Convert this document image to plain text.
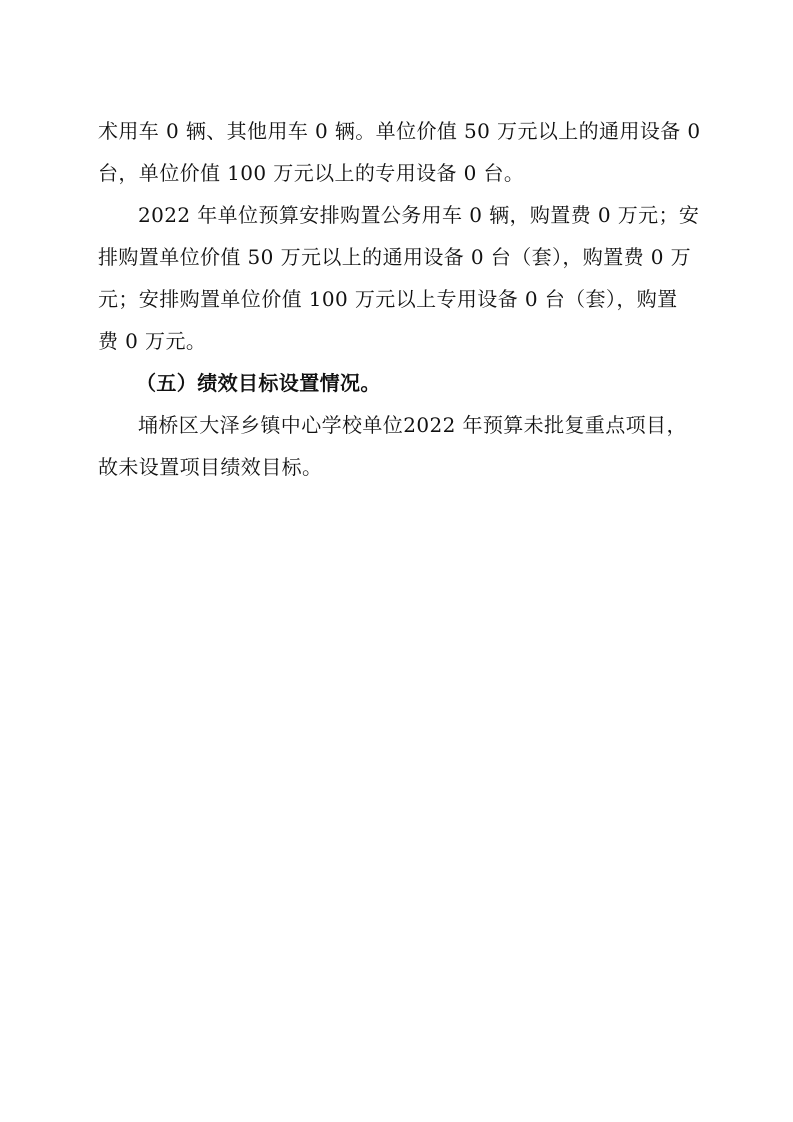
术用车 0 辆、其他用车 0 辆。单位价值 50 万元以上的通用设备 0
台，单位价值 100 万元以上的专用设备 0 台。
2022 年单位预算安排购置公务用车 0 辆，购置费 0 万元；安
排购置单位价值 50 万元以上的通用设备 0 台（套），购置费 0 万
元；安排购置单位价值 100 万元以上专用设备 0 台（套），购置
费 0 万元。
（五）绩效目标设置情况。
埇桥区大泽乡镇中心学校单位2022 年预算未批复重点项目，
故未设置项目绩效目标。
